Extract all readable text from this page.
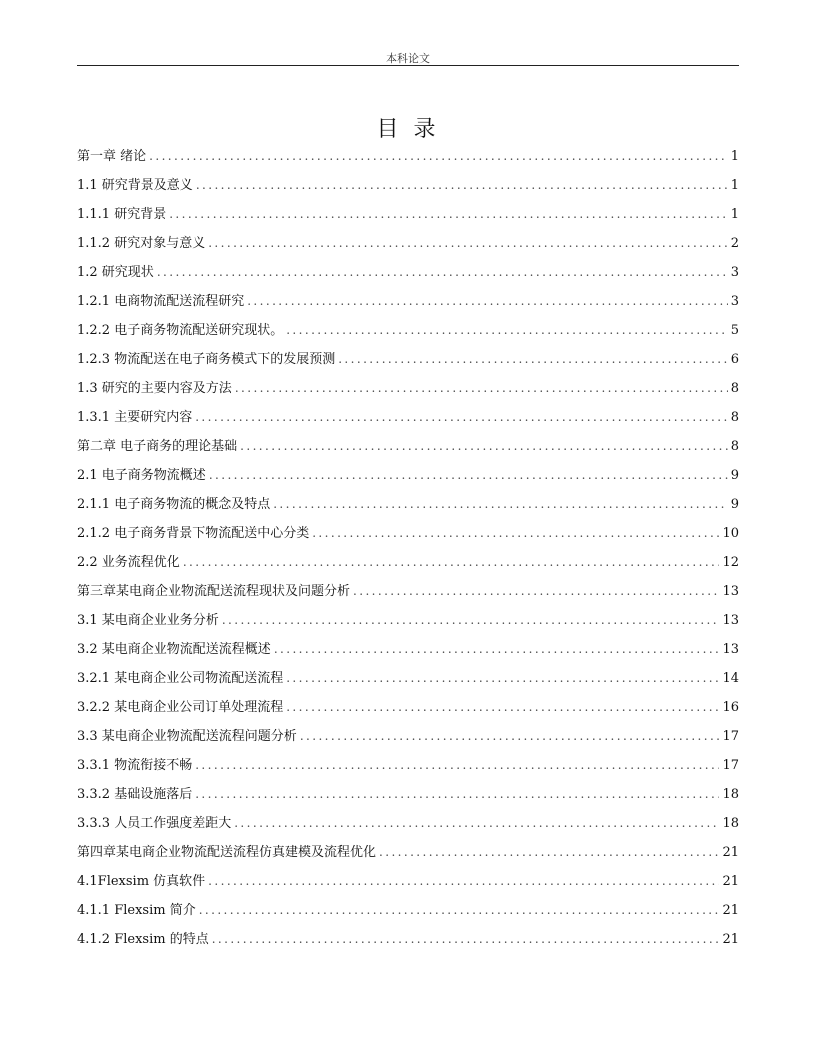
本科论文
目 录
第一章 绪论 .....	1
1.1 研究背景及意义 .....	1
1.1.1 研究背景 .....	1
1.1.2 研究对象与意义 .....	2
1.2 研究现状 .....	3
1.2.1 电商物流配送流程研究 .....	3
1.2.2 电子商务物流配送研究现状。 .....	5
1.2.3 物流配送在电子商务模式下的发展预测 .....	6
1.3 研究的主要内容及方法 .....	8
1.3.1 主要研究内容 .....	8
第二章 电子商务的理论基础 .....	8
2.1 电子商务物流概述 .....	9
2.1.1 电子商务物流的概念及特点 .....	9
2.1.2 电子商务背景下物流配送中心分类 .....	10
2.2 业务流程优化 .....	12
第三章某电商企业物流配送流程现状及问题分析 .....	13
3.1 某电商企业业务分析 .....	13
3.2 某电商企业物流配送流程概述 .....	13
3.2.1 某电商企业公司物流配送流程 .....	14
3.2.2 某电商企业公司订单处理流程 .....	16
3.3 某电商企业物流配送流程问题分析 .....	17
3.3.1 物流衔接不畅 .....	17
3.3.2 基础设施落后 .....	18
3.3.3 人员工作强度差距大 .....	18
第四章某电商企业物流配送流程仿真建模及流程优化 .....	21
4.1Flexsim 仿真软件 .....	21
4.1.1 Flexsim 简介 .....	21
4.1.2 Flexsim 的特点 .....	21
